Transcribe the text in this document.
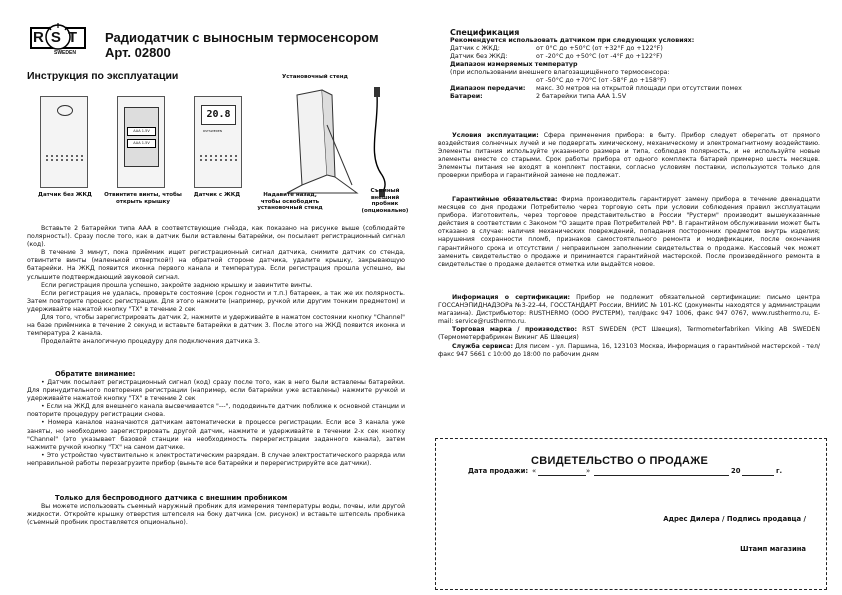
RST
SWEDEN
Радиодатчик с выносным термосенсором
Арт. 02800
Инструкция по эксплуатации
Датчик без ЖКД
AAA 1.5V
AAA 1.5V
Отвинтите винты, чтобы открыть крышку
20.8
RSTSWEDEN
Датчик с ЖКД
Установочный стенд
Надавите назад, чтобы освободить установочный стенд
Съемный внешний пробник (опционально)

Вставьте 2 батарейки типа ААА в соответствующие гнёзда, как показано на рисунке выше (соблюдайте полярность!). Сразу после того, как в датчик были вставлены батарейки, он посылает регистрационный сигнал (код).

В течение 3 минут, пока приёмник ищет регистрационный сигнал датчика, снимите датчик со стенда, отвинтите винты (маленькой отверткой!) на обратной стороне датчика, удалите крышку, закрывающую батарейки. На ЖКД появится иконка первого канала и температура. Если регистрация прошла успешно, вы услышите подтверждающий звуковой сигнал.

Если регистрация прошла успешно, закройте заднюю крышку и завинтите винты.

Если регистрация не удалась, проверьте состояние (срок годности и т.п.) батареек, а так же их полярность. Затем повторите процесс регистрации. Для этого нажмите (например, ручкой или другим тонким предметом) и удерживайте нажатой кнопку "TX" в течение 2 сек

Для того, чтобы зарегистрировать датчик 2, нажмите и удерживайте в нажатом состоянии кнопку "Channel" на базе приёмника в течение 2 секунд и вставьте батарейки в датчик 3. После этого на ЖКД появится иконка и температура 2 канала.

Проделайте аналогичную процедуру для подключения датчика 3.

Обратите внимание:

• Датчик посылает регистрационный сигнал (код) сразу после того, как в него были вставлены батарейки. Для принудительного повторения регистрации (например, если батарейки уже вставлены) нажмите ручкой и удерживайте нажатой кнопку "TX" в течение 2 сек

• Если на ЖКД для внешнего канала высвечивается "---", пододвиньте датчик поближе к основной станции и повторите процедуру регистрации снова.

• Номера каналов назначаются датчикам автоматически в процессе регистрации. Если все 3 канала уже заняты, но необходимо зарегистрировать другой датчик, нажмите и удерживайте в течении 2-х сек кнопку "Channel" (это указывает базовой станции на необходимость перерегистрации заданного канала), затем нажмите ручкой кнопку "TX" на самом датчике.

• Это устройство чувствительно к электростатическим разрядам. В случае электростатического разряда или неправильной работы перезагрузите прибор (выньте все батарейки и перерегистрируйте все датчики).

Только для беспроводного датчика с внешним пробником

Вы можете использовать съемный наружный пробник для измерения температуры воды, почвы, или другой жидкости. Откройте крышку отверстия штепселя на боку датчика (см. рисунок) и вставьте штепсель пробника (съемный пробник проставляется опционально).

Спецификация
Рекомендуется использовать датчиком при следующих условиях:
Датчик с ЖКД:	от 0°C до +50°C (от +32°F до +122°F)
Датчик без ЖКД:	от -20°C до +50°C (от -4°F до +122°F)
Диапазон измеряемых температур
(при использовании внешнего влагозащищённого термосенсора:
от -50°C до +70°C (от -58°F до +158°F)
Диапазон передачи:	макс. 30 метров на открытой площади при отсутствии помех
Батареи:	2 батарейки типа ААА 1.5V

Условия эксплуатации: Сфера применения прибора: в быту. Прибор следует оберегать от прямого воздействия солнечных лучей и не подвергать химическому, механическому и электромагнитному воздействию. Элементы питания используйте указанного размера и типа, соблюдая полярность, и не используйте новые элементы вместе со старыми. Срок работы прибора от одного комплекта батарей примерно шесть месяцев. Элементы питания не входят в комплект поставки, согласно условиям поставки, используются только для проверки прибора и гарантийной замене не подлежат.

Гарантийные обязательства: Фирма производитель гарантирует замену прибора в течение двенадцати месяцев со дня продажи Потребителю через торговую сеть при условии соблюдения правил эксплуатации прибора. Изготовитель, через торговое представительство в России "Рустерм" производит вышеуказанные действия в соответствии с Законом "О защите прав Потребителей РФ". В гарантийном обслуживании может быть отказано в случае: наличия механических повреждений, попадания посторонних предметов внутрь изделия; нарушения сохранности пломб, признаков самостоятельного ремонта и модификации, после окончания гарантийного срока и отсутствии / неправильном заполнении свидетельства о продаже. Кассовый чек может заменить свидетельство о продаже и принимается гарантийной мастерской. После произведённого ремонта в свидетельстве о продаже делается отметка или выдаётся новое.

Информация о сертификации: Прибор не подлежит обязательной сертификации: письмо центра ГОССАНЭПИДНАДЗОРа №3-22-44, ГОССТАНДАРТ России, ВНИИС № 101-КС (документы находятся у администрации магазина). Дистрибьютор: RUSTHERMO (ООО РУСТЕРМ), тел/факс 947 1006, факс 947 0767, www.rusthermo.ru, E-mail: service@rusthermo.ru.

Торговая марка / производство: RST SWEDEN (РСТ Швеция), Termometerfabriken Viking AB SWEDEN (Термометерфабрикен Викинг АБ Швеция)

Служба сервиса: Для писем - ул. Паршина, 16, 123103 Москва, Информация о гарантийной мастерской - тел/факс 947 5661 с 10:00 до 18:00 по рабочим дням

СВИДЕТЕЛЬСТВО О ПРОДАЖЕ
Дата продажи: «	»	20	г.
Адрес Дилера / Подпись продавца /
Штамп магазина
